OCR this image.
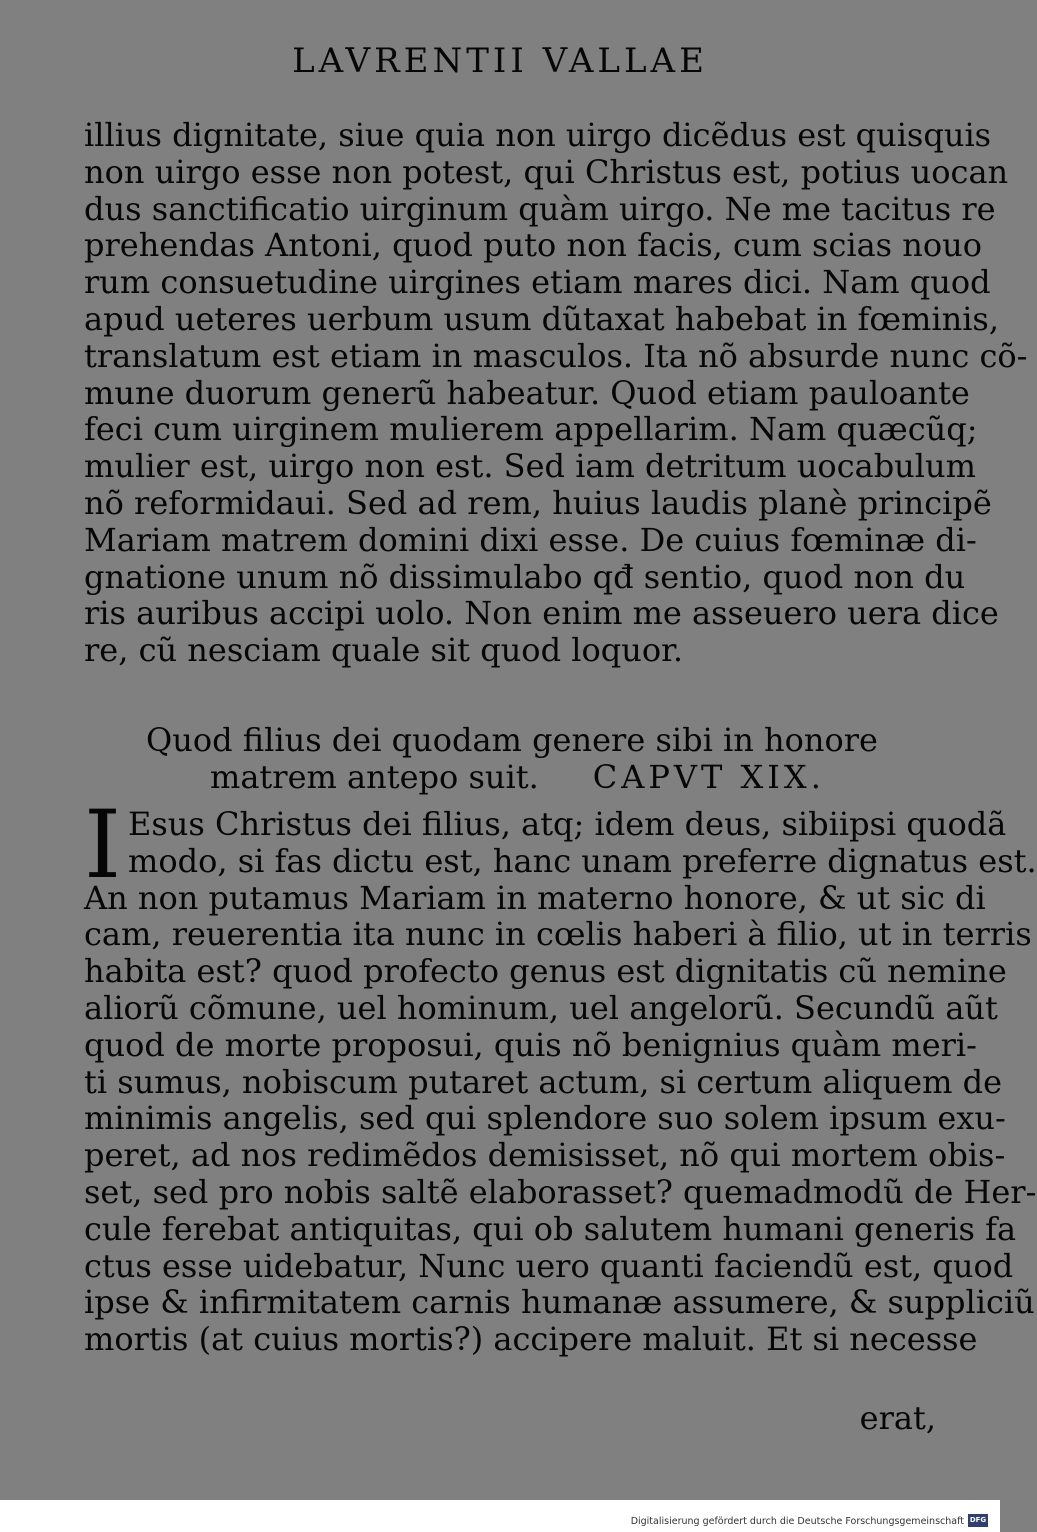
LAVRENTII VALLAE
illius dignitate, siue quia non uirgo dicẽdus est quisquis
non uirgo esse non potest, qui Christus est, potius uocan
dus sanctificatio uirginum quàm uirgo. Ne me tacitus re
prehendas Antoni, quod puto non facis, cum scias nouo
rum consuetudine uirgines etiam mares dici. Nam quod
apud ueteres uerbum usum dũtaxat habebat in fœminis,
translatum est etiam in masculos. Ita nõ absurde nunc cõ-
mune duorum generũ habeatur. Quod etiam pauloante
feci cum uirginem mulierem appellarim. Nam quæcũq;
mulier est, uirgo non est. Sed iam detritum uocabulum
nõ reformidaui. Sed ad rem, huius laudis planè principẽ
Mariam matrem domini dixi esse. De cuius fœminæ di-
gnatione unum nõ dissimulabo qđ sentio, quod non du
ris auribus accipi uolo. Non enim me asseuero uera dice
re, cũ nesciam quale sit quod loquor.
Quod filius dei quodam genere sibi in honore
matrem antepo suit. CAPVT XIX.
I Esus Christus dei filius, atq; idem deus, sibiipsi quodã
modo, si fas dictu est, hanc unam preferre dignatus est.
An non putamus Mariam in materno honore, & ut sic di
cam, reuerentia ita nunc in cœlis haberi à filio, ut in terris
habita est? quod profecto genus est dignitatis cũ nemine
aliorũ cõmune, uel hominum, uel angelorũ. Secundũ aũt
quod de morte proposui, quis nõ benignius quàm meri-
ti sumus, nobiscum putaret actum, si certum aliquem de
minimis angelis, sed qui splendore suo solem ipsum exu-
peret, ad nos redimẽdos demisisset, nõ qui mortem obis-
set, sed pro nobis saltẽ elaborasset? quemadmodũ de Her-
cule ferebat antiquitas, qui ob salutem humani generis fa
ctus esse uidebatur, Nunc uero quanti faciendũ est, quod
ipse & infirmitatem carnis humanæ assumere, & suppliciũ
mortis (at cuius mortis?) accipere maluit. Et si necesse
erat,
Digitalisierung gefördert durch die Deutsche Forschungsgemeinschaft DFG
